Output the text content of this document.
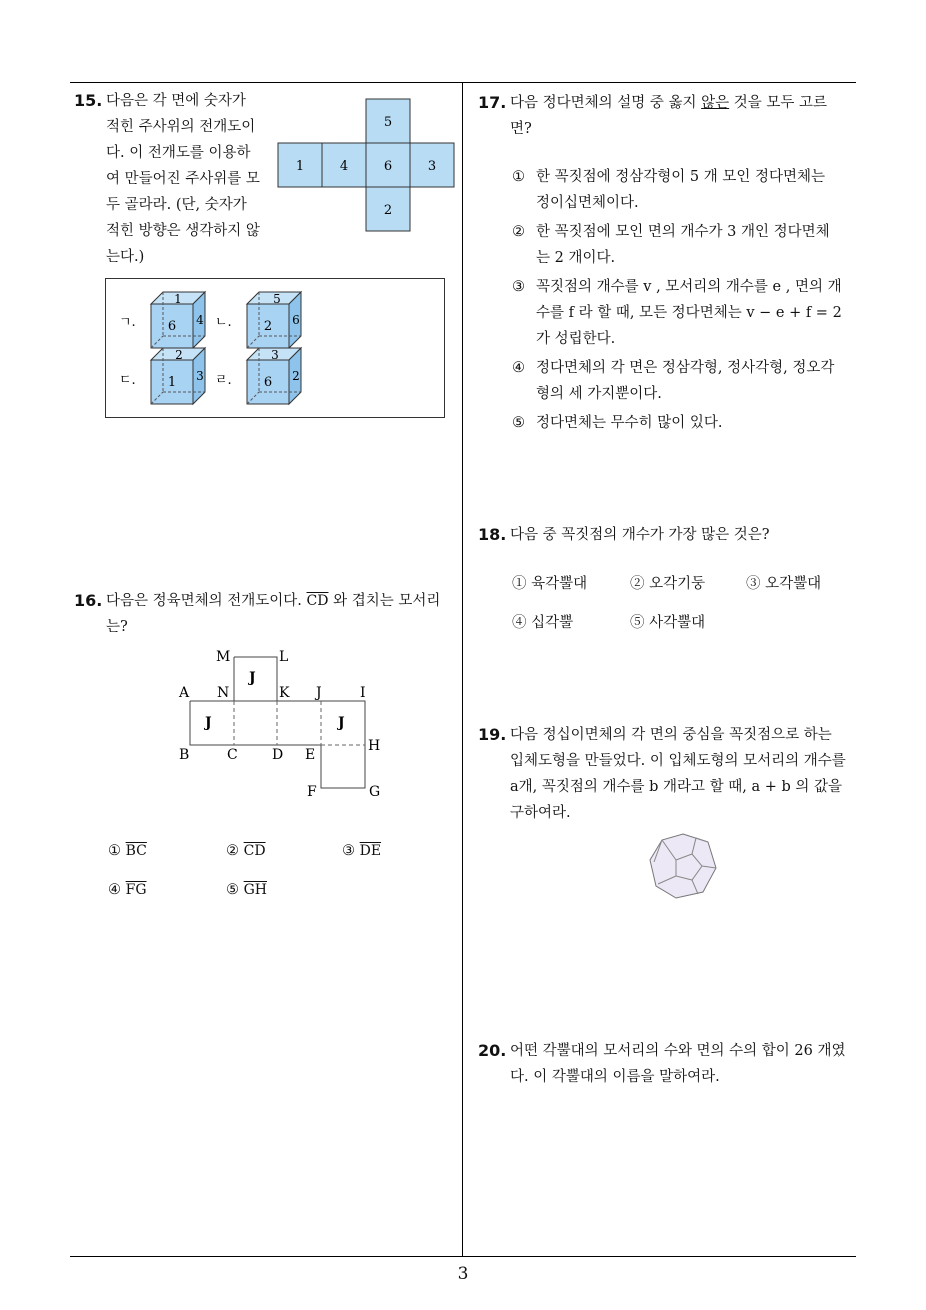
3
15. 다음은 각 면에 숫자가
적힌 주사위의 전개도이
다. 이 전개도를 이용하
여 만들어진 주사위를 모
두 골라라. (단, 숫자가
적힌 방향은 생각하지 않
는다.)
5
1	4	6	3
2
ㄱ.
1
6 4 ㄴ.
5
2 6
ㄷ.
2
1 3 ㄹ.
3
6 2
16. 다음은 정육면체의 전개도이다. $\overline{CD}$ 와 겹치는 모서리
는?
M	L
A N	K J	I
B	C D E
H
F	G
J
J	J
① $\overline{BC}$	② $\overline{CD}$	③ $\overline{DE}$
④ $\overline{FG}$	⑤ $\overline{GH}$
17. 다음 정다면체의 설명 중 옳지 않은 것을 모두 고르
면?
① 한 꼭짓점에 정삼각형이 5 개 모인 정다면체는
정이십면체이다.
② 한 꼭짓점에 모인 면의 개수가 3 개인 정다면체
는 2 개이다.
③ 꼭짓점의 개수를 v , 모서리의 개수를 e , 면의 개
수를 f 라 할 때, 모든 정다면체는 v − e + f = 2
가 성립한다.
④ 정다면체의 각 면은 정삼각형, 정사각형, 정오각
형의 세 가지뿐이다.
⑤ 정다면체는 무수히 많이 있다.
18. 다음 중 꼭짓점의 개수가 가장 많은 것은?
① 육각뿔대	② 오각기둥	③ 오각뿔대
④ 십각뿔	⑤ 사각뿔대
19. 다음 정십이면체의 각 면의 중심을 꼭짓점으로 하는
입체도형을 만들었다. 이 입체도형의 모서리의 개수를
a개, 꼭짓점의 개수를 b 개라고 할 때, a + b 의 값을
구하여라.
20. 어떤 각뿔대의 모서리의 수와 면의 수의 합이 26 개였
다. 이 각뿔대의 이름을 말하여라.
